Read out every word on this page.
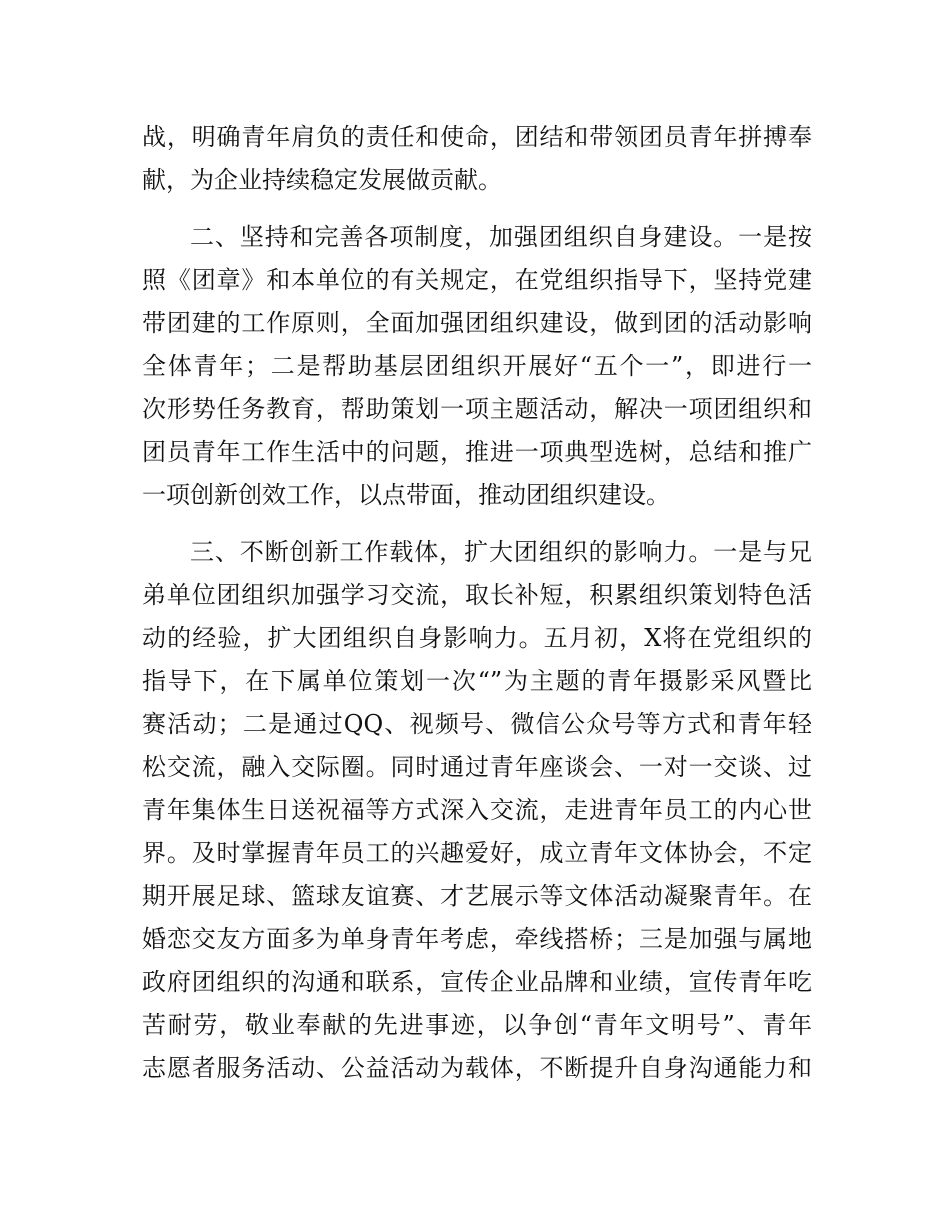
战，明确青年肩负的责任和使命，团结和带领团员青年拼搏奉
献，为企业持续稳定发展做贡献。
二、坚持和完善各项制度，加强团组织自身建设。一是按
照《团章》和本单位的有关规定，在党组织指导下，坚持党建
带团建的工作原则，全面加强团组织建设，做到团的活动影响
全体青年；二是帮助基层团组织开展好“五个一”，即进行一
次形势任务教育，帮助策划一项主题活动，解决一项团组织和
团员青年工作生活中的问题，推进一项典型选树，总结和推广
一项创新创效工作，以点带面，推动团组织建设。
三、不断创新工作载体，扩大团组织的影响力。一是与兄
弟单位团组织加强学习交流，取长补短，积累组织策划特色活
动的经验，扩大团组织自身影响力。五月初，X将在党组织的
指导下，在下属单位策划一次“”为主题的青年摄影采风暨比
赛活动；二是通过QQ、视频号、微信公众号等方式和青年轻
松交流，融入交际圈。同时通过青年座谈会、一对一交谈、过
青年集体生日送祝福等方式深入交流，走进青年员工的内心世
界。及时掌握青年员工的兴趣爱好，成立青年文体协会，不定
期开展足球、篮球友谊赛、才艺展示等文体活动凝聚青年。在
婚恋交友方面多为单身青年考虑，牵线搭桥；三是加强与属地
政府团组织的沟通和联系，宣传企业品牌和业绩，宣传青年吃
苦耐劳，敬业奉献的先进事迹，以争创“青年文明号”、青年
志愿者服务活动、公益活动为载体，不断提升自身沟通能力和
